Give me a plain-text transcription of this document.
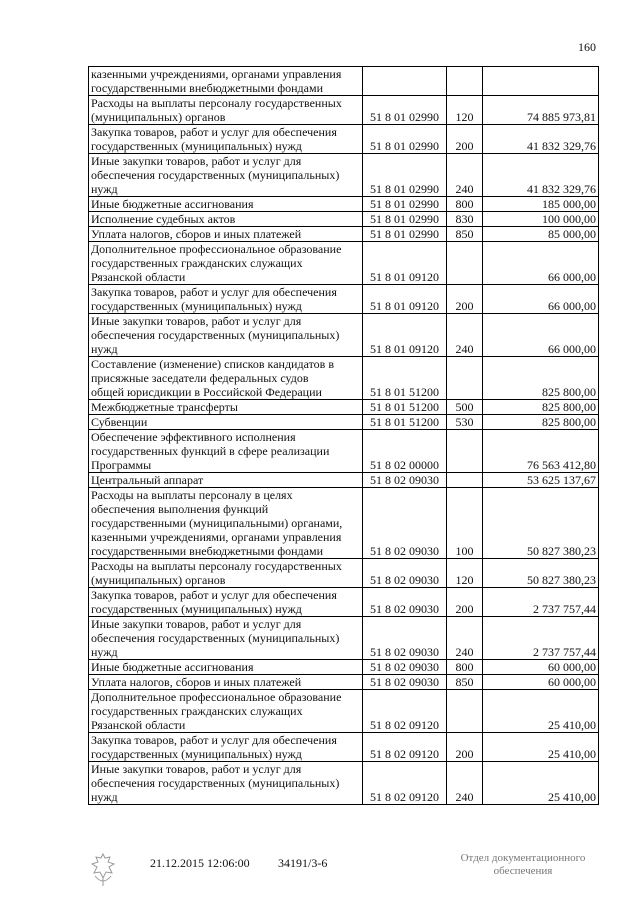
160
казенными учреждениями, органами управления
государственными внебюджетными фондами			
Расходы на выплаты персоналу государственных
(муниципальных) органов	51 8 01 02990	120	74 885 973,81
Закупка товаров, работ и услуг для обеспечения
государственных (муниципальных) нужд	51 8 01 02990	200	41 832 329,76
Иные закупки товаров, работ и услуг для
обеспечения государственных (муниципальных)
нужд	51 8 01 02990	240	41 832 329,76
Иные бюджетные ассигнования	51 8 01 02990	800	185 000,00
Исполнение судебных актов	51 8 01 02990	830	100 000,00
Уплата налогов, сборов и иных платежей	51 8 01 02990	850	85 000,00
Дополнительное профессиональное образование
государственных гражданских служащих
Рязанской области	51 8 01 09120		66 000,00
Закупка товаров, работ и услуг для обеспечения
государственных (муниципальных) нужд	51 8 01 09120	200	66 000,00
Иные закупки товаров, работ и услуг для
обеспечения государственных (муниципальных)
нужд	51 8 01 09120	240	66 000,00
Составление (изменение) списков кандидатов в
присяжные заседатели федеральных судов
общей юрисдикции в Российской Федерации	51 8 01 51200		825 800,00
Межбюджетные трансферты	51 8 01 51200	500	825 800,00
Субвенции	51 8 01 51200	530	825 800,00
Обеспечение эффективного исполнения
государственных функций в сфере реализации
Программы	51 8 02 00000		76 563 412,80
Центральный аппарат	51 8 02 09030		53 625 137,67
Расходы на выплаты персоналу в целях
обеспечения выполнения функций
государственными (муниципальными) органами,
казенными учреждениями, органами управления
государственными внебюджетными фондами	51 8 02 09030	100	50 827 380,23
Расходы на выплаты персоналу государственных
(муниципальных) органов	51 8 02 09030	120	50 827 380,23
Закупка товаров, работ и услуг для обеспечения
государственных (муниципальных) нужд	51 8 02 09030	200	2 737 757,44
Иные закупки товаров, работ и услуг для
обеспечения государственных (муниципальных)
нужд	51 8 02 09030	240	2 737 757,44
Иные бюджетные ассигнования	51 8 02 09030	800	60 000,00
Уплата налогов, сборов и иных платежей	51 8 02 09030	850	60 000,00
Дополнительное профессиональное образование
государственных гражданских служащих
Рязанской области	51 8 02 09120		25 410,00
Закупка товаров, работ и услуг для обеспечения
государственных (муниципальных) нужд	51 8 02 09120	200	25 410,00
Иные закупки товаров, работ и услуг для
обеспечения государственных (муниципальных)
нужд	51 8 02 09120	240	25 410,00
21.12.2015 12:06:00 34191/3-6	Отдел документационного
обеспечения
